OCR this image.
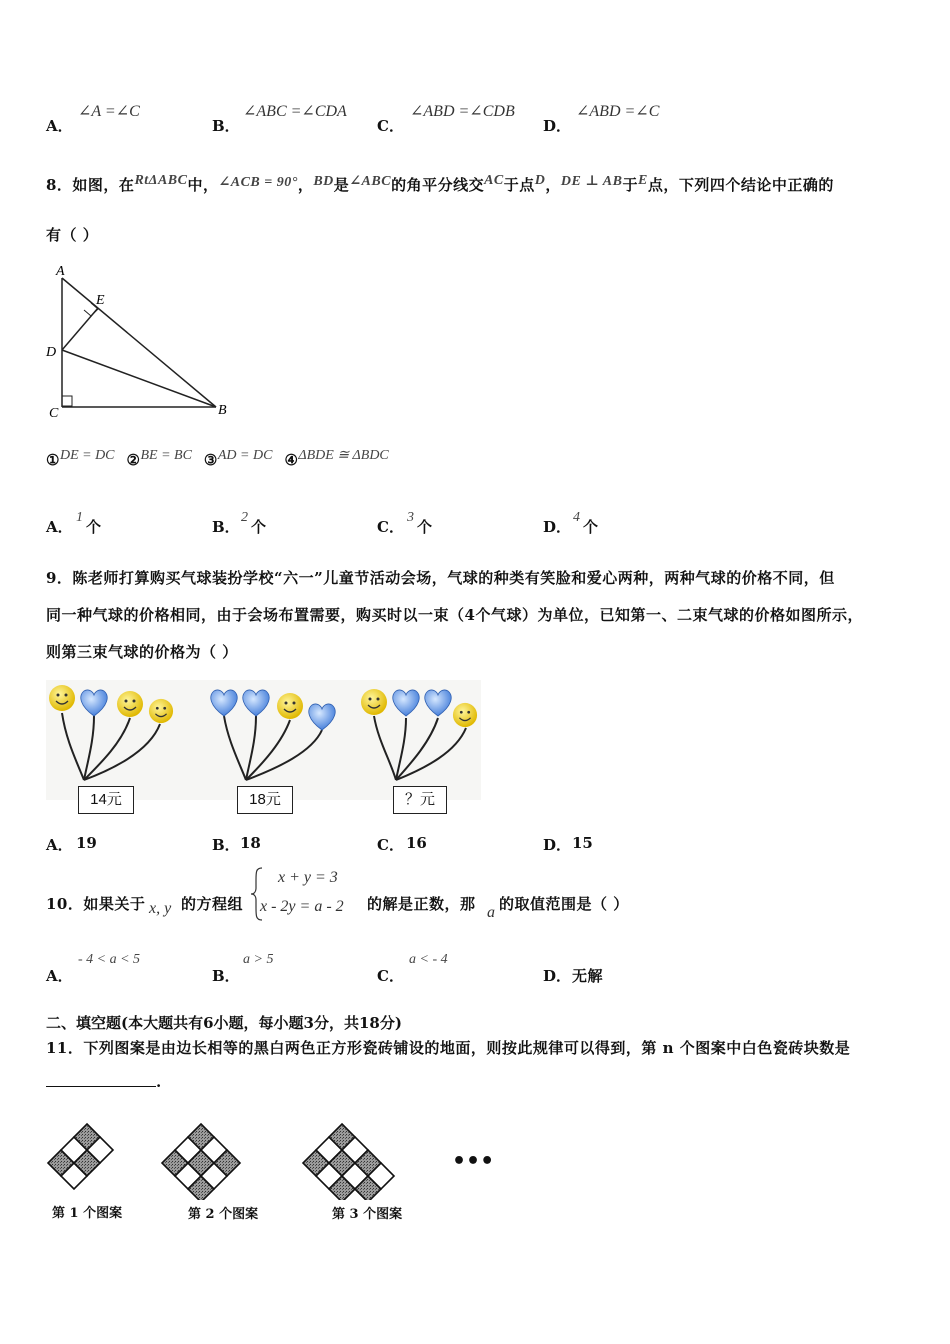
A．
∠A =∠C
B．
∠ABC =∠CDA
C．
∠ABD =∠CDB
D．
∠ABD =∠C
8．如图，在RtΔABC中，∠ACB = 90°，BD是∠ABC的角平分线交AC于点D，DE ⊥ AB于E点，下列四个结论中正确的
有（ ）
A
E
D
C	B
①DE = DC ②BE = BC ③AD = DC ④ΔBDE ≅ ΔBDC
A．
1
个	B．
2
个	C．
3
个	D．
4
个
9．陈老师打算购买气球装扮学校“六一”儿童节活动会场，气球的种类有笑脸和爱心两种，两种气球的价格不同，但
同一种气球的价格相同，由于会场布置需要，购买时以一束（4个气球）为单位，已知第一、二束气球的价格如图所示，
则第三束气球的价格为（ ）
14元	18元	？元
A． 19	B． 18	C． 16	D． 15
10．如果关于 x, y 的方程组
x + y = 3
x - 2y = a - 2 的解是正数，那 a 的取值范围是（ ）
A．
- 4 < a < 5
B．
a > 5
C．
a < - 4
D． 无解
二、填空题(本大题共有6小题，每小题3分，共18分)
11．下列图案是由边长相等的黑白两色正方形瓷砖铺设的地面，则按此规律可以得到，第 n 个图案中白色瓷砖块数是
.
•••
第 1 个图案	第 2 个图案	第 3 个图案
